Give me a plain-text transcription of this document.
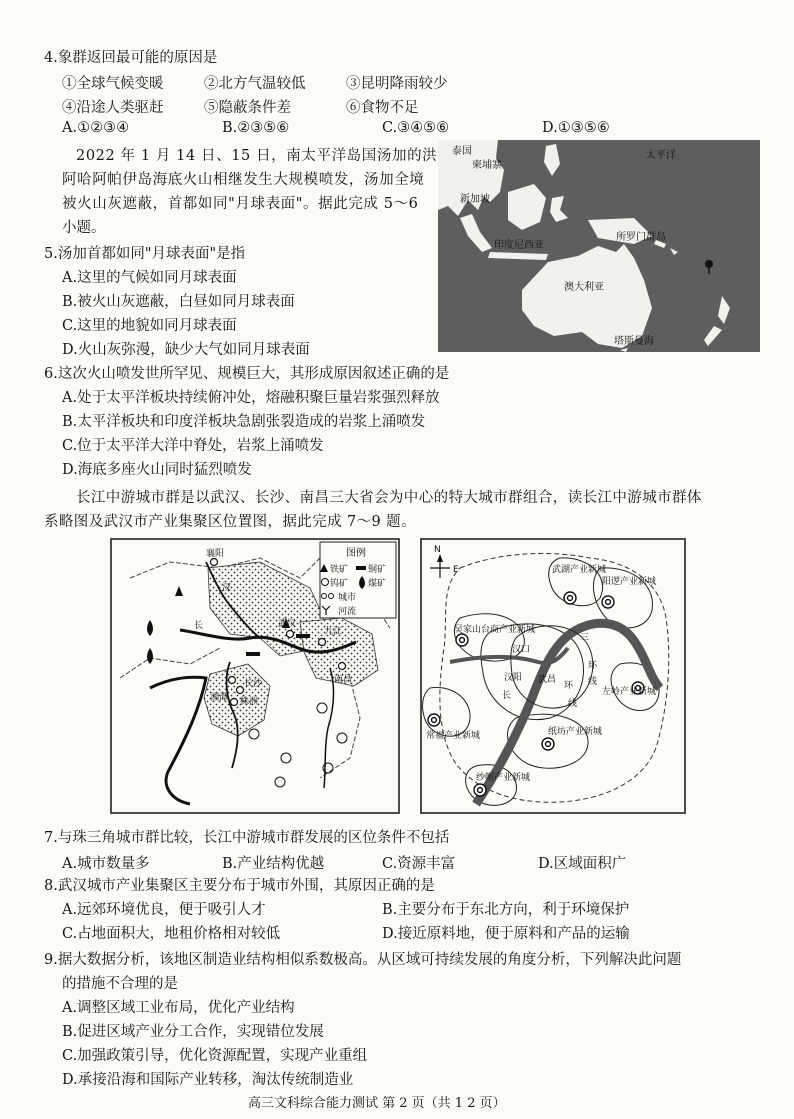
4.象群返回最可能的原因是
①全球气候变暖	②北方气温较低	③昆明降雨较少
④沿途人类驱赶	⑤隐蔽条件差	⑥食物不足
A.①②③④	B.②③⑤⑥	C.③④⑤⑥	D.①③⑤⑥
2022 年 1 月 14 日、15 日，南太平洋岛国汤加的洪
阿哈阿帕伊岛海底火山相继发生大规模喷发，汤加全境
被火山灰遮蔽，首都如同"月球表面"。据此完成 5～6
小题。
泰国
柬埔寨
太平洋
新加坡
印度尼西亚
所罗门群岛
澳大利亚
塔斯曼海
5.汤加首都如同"月球表面"是指
A.这里的气候如同月球表面
B.被火山灰遮蔽，白昼如同月球表面
C.这里的地貌如同月球表面
D.火山灰弥漫，缺少大气如同月球表面
6.这次火山喷发世所罕见、规模巨大，其形成原因叙述正确的是
A.处于太平洋板块持续俯冲处，熔融积聚巨量岩浆强烈释放
B.太平洋板块和印度洋板块急剧张裂造成的岩浆上涌喷发
C.位于太平洋大洋中脊处，岩浆上涌喷发
D.海底多座火山同时猛烈喷发
长江中游城市群是以武汉、长沙、南昌三大省会为中心的特大城市群组合，读长江中游城市群体
系略图及武汉市产业集聚区位置图，据此完成 7～9 题。
图例
铁矿 铜矿
钨矿 煤矿
城市
河流
襄阳
汉
武汉
九江
长
南昌
湘潭
长沙
株洲
N
E	武湖产业新城
阳逻产业新城
吴家山台商产业新城
汉口
汉阳 武昌
三
环
环
线
线
左岭产业新城
常福产业新城	纸坊产业新城
纱帽产业新城
长
7.与珠三角城市群比较，长江中游城市群发展的区位条件不包括
A.城市数量多	B.产业结构优越	C.资源丰富	D.区域面积广
8.武汉城市产业集聚区主要分布于城市外围，其原因正确的是
A.远郊环境优良，便于吸引人才	B.主要分布于东北方向，利于环境保护
C.占地面积大，地租价格相对较低	D.接近原料地，便于原料和产品的运输
9.据大数据分析，该地区制造业结构相似系数极高。从区域可持续发展的角度分析，下列解决此问题
的措施不合理的是
A.调整区域工业布局，优化产业结构
B.促进区域产业分工合作，实现错位发展
C.加强政策引导，优化资源配置，实现产业重组
D.承接沿海和国际产业转移，淘汰传统制造业
高三文科综合能力测试 第 2 页（共 1 2 页）
